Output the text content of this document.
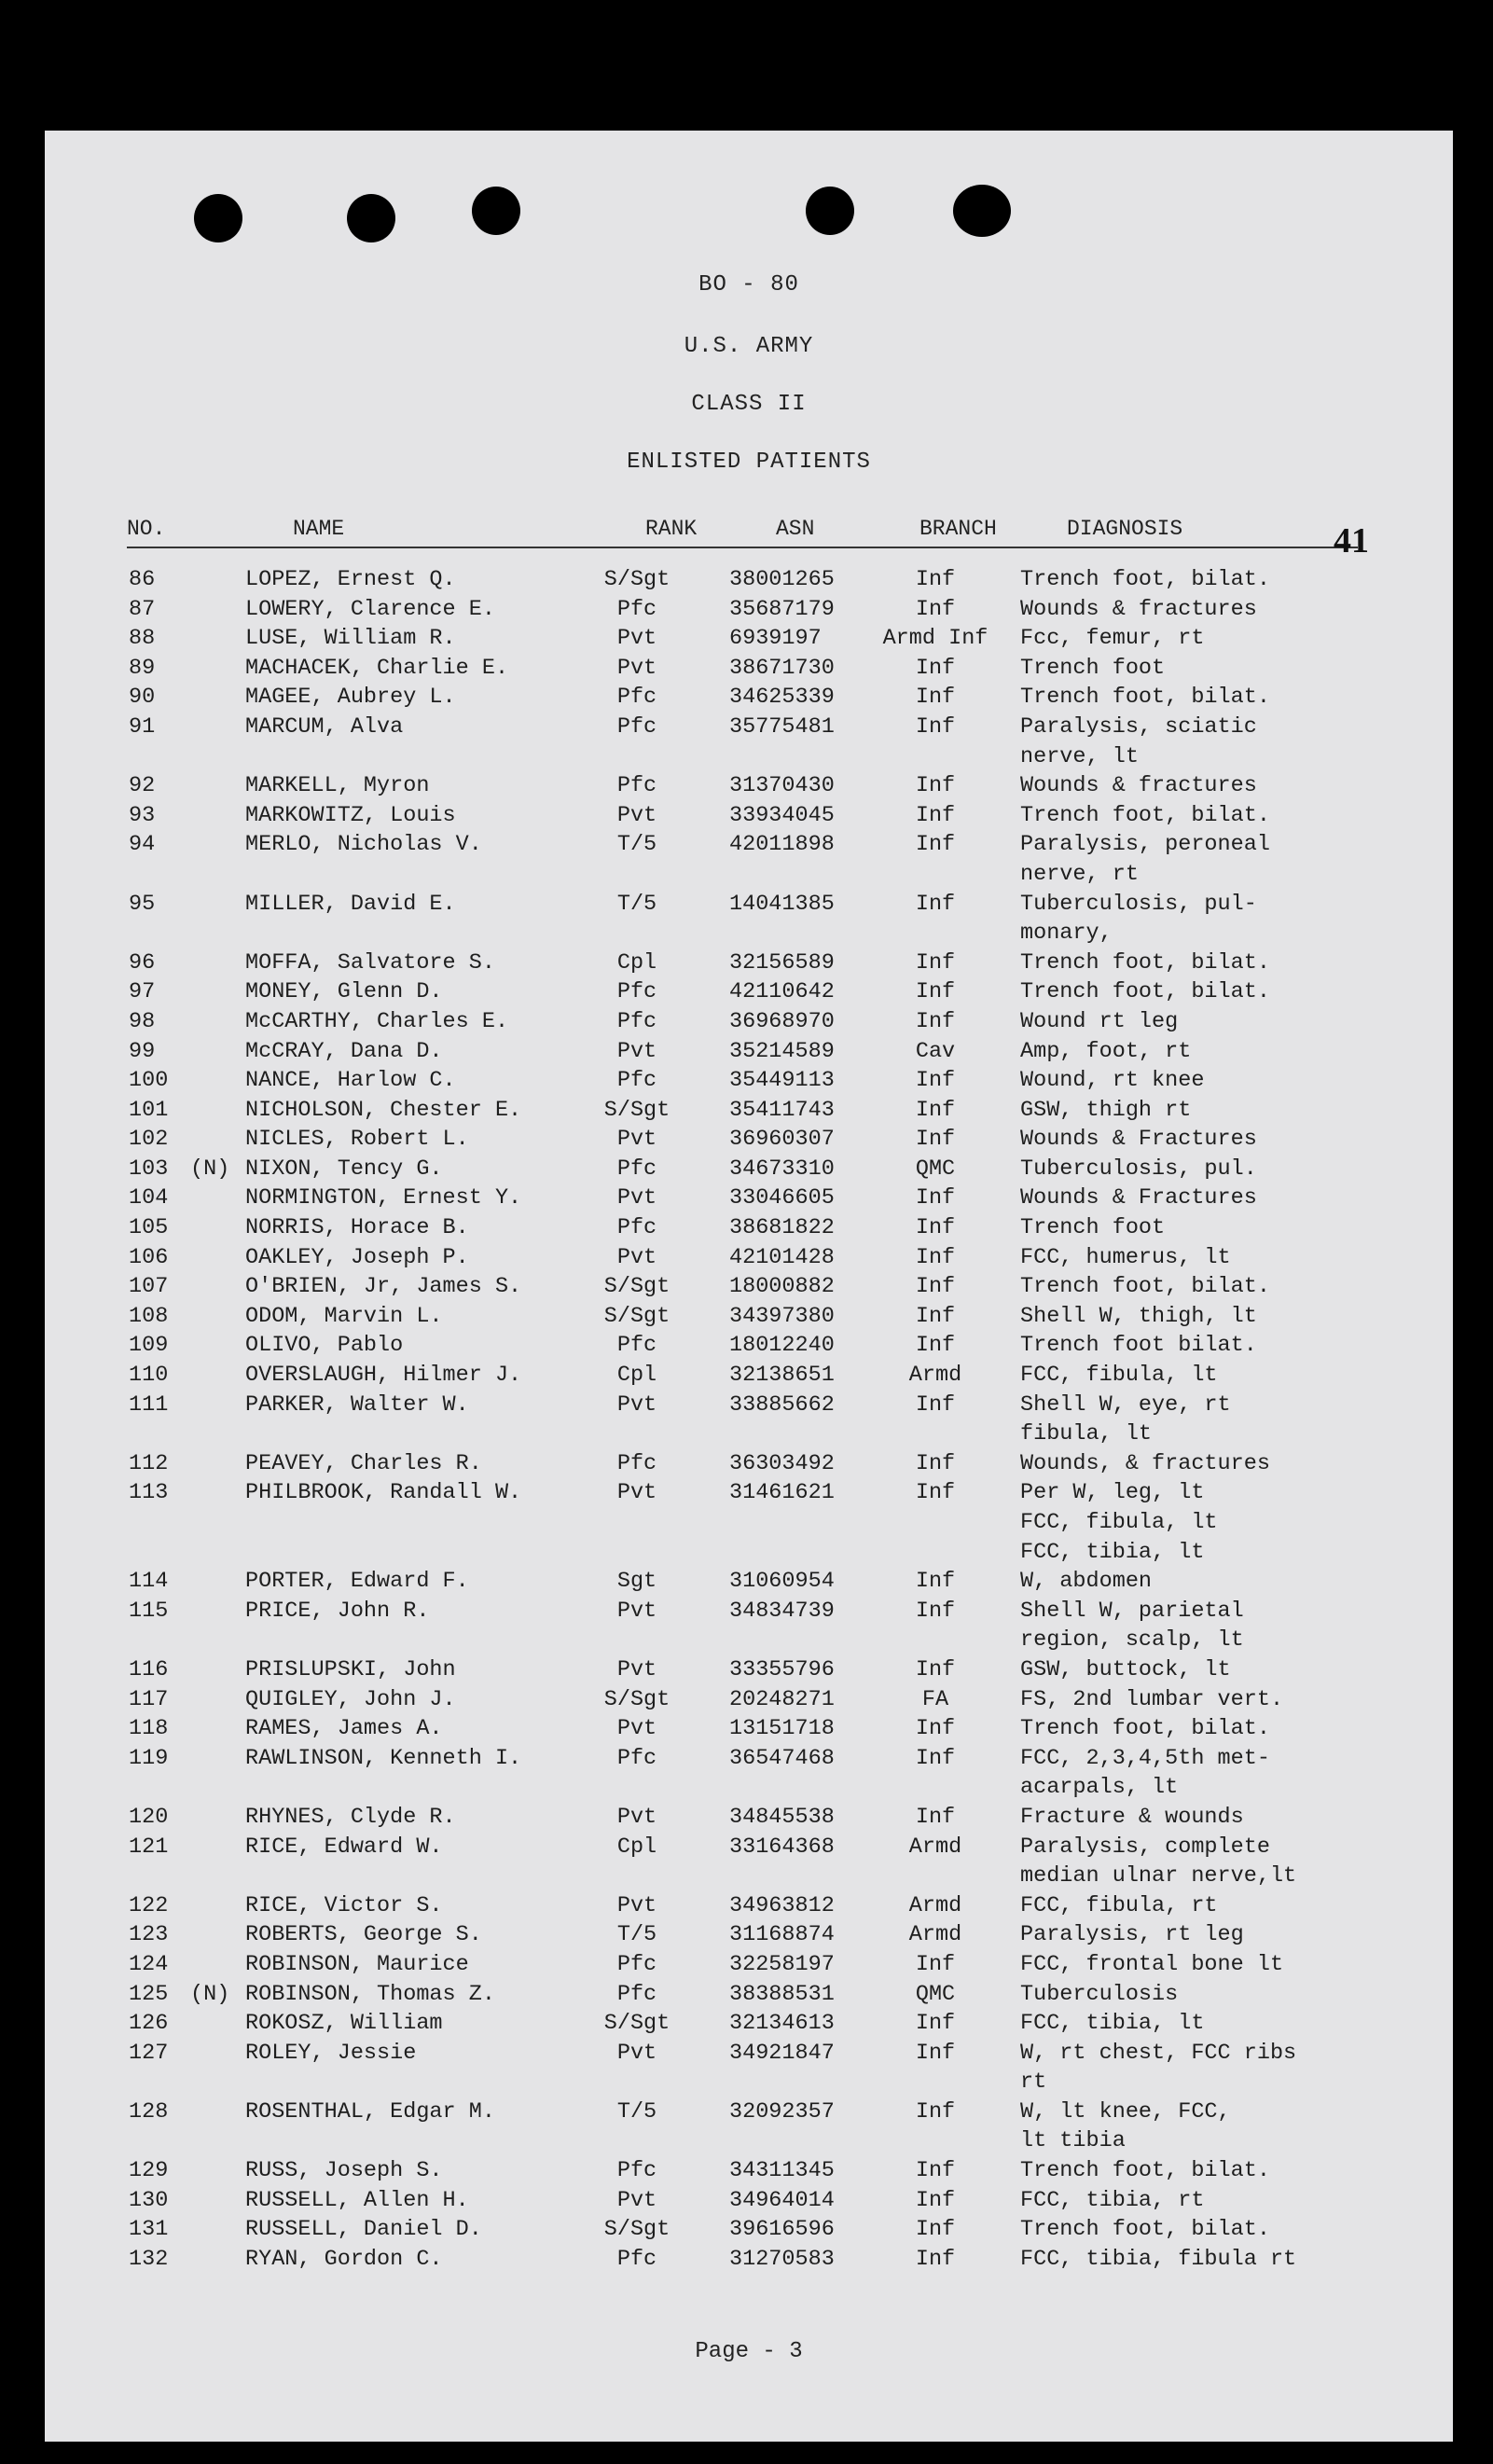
BO - 80
U.S. ARMY
CLASS II
ENLISTED PATIENTS
NO.	NAME	RANK	ASN	BRANCH	DIAGNOSIS	41
86	LOPEZ, Ernest Q.	S/Sgt	38001265	Inf	Trench foot, bilat.
87	LOWERY, Clarence E.	Pfc	35687179	Inf	Wounds & fractures
88	LUSE, William R.	Pvt	6939197	Armd Inf	Fcc, femur, rt
89	MACHACEK, Charlie E.	Pvt	38671730	Inf	Trench foot
90	MAGEE, Aubrey L.	Pfc	34625339	Inf	Trench foot, bilat.
91	MARCUM, Alva	Pfc	35775481	Inf	Paralysis, sciatic
nerve, lt
92	MARKELL, Myron	Pfc	31370430	Inf	Wounds & fractures
93	MARKOWITZ, Louis	Pvt	33934045	Inf	Trench foot, bilat.
94	MERLO, Nicholas V.	T/5	42011898	Inf	Paralysis, peroneal
nerve, rt
95	MILLER, David E.	T/5	14041385	Inf	Tuberculosis, pul-
monary,
96	MOFFA, Salvatore S.	Cpl	32156589	Inf	Trench foot, bilat.
97	MONEY, Glenn D.	Pfc	42110642	Inf	Trench foot, bilat.
98	McCARTHY, Charles E.	Pfc	36968970	Inf	Wound rt leg
99	McCRAY, Dana D.	Pvt	35214589	Cav	Amp, foot, rt
100	NANCE, Harlow C.	Pfc	35449113	Inf	Wound, rt knee
101	NICHOLSON, Chester E.	S/Sgt	35411743	Inf	GSW, thigh rt
102	NICLES, Robert L.	Pvt	36960307	Inf	Wounds & Fractures
103 (N) NIXON, Tency G.	Pfc	34673310	QMC	Tuberculosis, pul.
104	NORMINGTON, Ernest Y.	Pvt	33046605	Inf	Wounds & Fractures
105	NORRIS, Horace B.	Pfc	38681822	Inf	Trench foot
106	OAKLEY, Joseph P.	Pvt	42101428	Inf	FCC, humerus, lt
107	O'BRIEN, Jr, James S.	S/Sgt	18000882	Inf	Trench foot, bilat.
108	ODOM, Marvin L.	S/Sgt	34397380	Inf	Shell W, thigh, lt
109	OLIVO, Pablo	Pfc	18012240	Inf	Trench foot bilat.
110	OVERSLAUGH, Hilmer J.	Cpl	32138651	Armd	FCC, fibula, lt
111	PARKER, Walter W.	Pvt	33885662	Inf	Shell W, eye, rt
fibula, lt
112	PEAVEY, Charles R.	Pfc	36303492	Inf	Wounds, & fractures
113	PHILBROOK, Randall W.	Pvt	31461621	Inf	Per W, leg, lt
FCC, fibula, lt
FCC, tibia, lt
114	PORTER, Edward F.	Sgt	31060954	Inf	W, abdomen
115	PRICE, John R.	Pvt	34834739	Inf	Shell W, parietal
region, scalp, lt
116	PRISLUPSKI, John	Pvt	33355796	Inf	GSW, buttock, lt
117	QUIGLEY, John J.	S/Sgt	20248271	FA	FS, 2nd lumbar vert.
118	RAMES, James A.	Pvt	13151718	Inf	Trench foot, bilat.
119	RAWLINSON, Kenneth I.	Pfc	36547468	Inf	FCC, 2,3,4,5th met-
acarpals, lt
120	RHYNES, Clyde R.	Pvt	34845538	Inf	Fracture & wounds
121	RICE, Edward W.	Cpl	33164368	Armd	Paralysis, complete
median ulnar nerve,lt
122	RICE, Victor S.	Pvt	34963812	Armd	FCC, fibula, rt
123	ROBERTS, George S.	T/5	31168874	Armd	Paralysis, rt leg
124	ROBINSON, Maurice	Pfc	32258197	Inf	FCC, frontal bone lt
125 (N) ROBINSON, Thomas Z.	Pfc	38388531	QMC	Tuberculosis
126	ROKOSZ, William	S/Sgt	32134613	Inf	FCC, tibia, lt
127	ROLEY, Jessie	Pvt	34921847	Inf	W, rt chest, FCC ribs
rt
128	ROSENTHAL, Edgar M.	T/5	32092357	Inf	W, lt knee, FCC,
lt tibia
129	RUSS, Joseph S.	Pfc	34311345	Inf	Trench foot, bilat.
130	RUSSELL, Allen H.	Pvt	34964014	Inf	FCC, tibia, rt
131	RUSSELL, Daniel D.	S/Sgt	39616596	Inf	Trench foot, bilat.
132	RYAN, Gordon C.	Pfc	31270583	Inf	FCC, tibia, fibula rt
Page - 3
